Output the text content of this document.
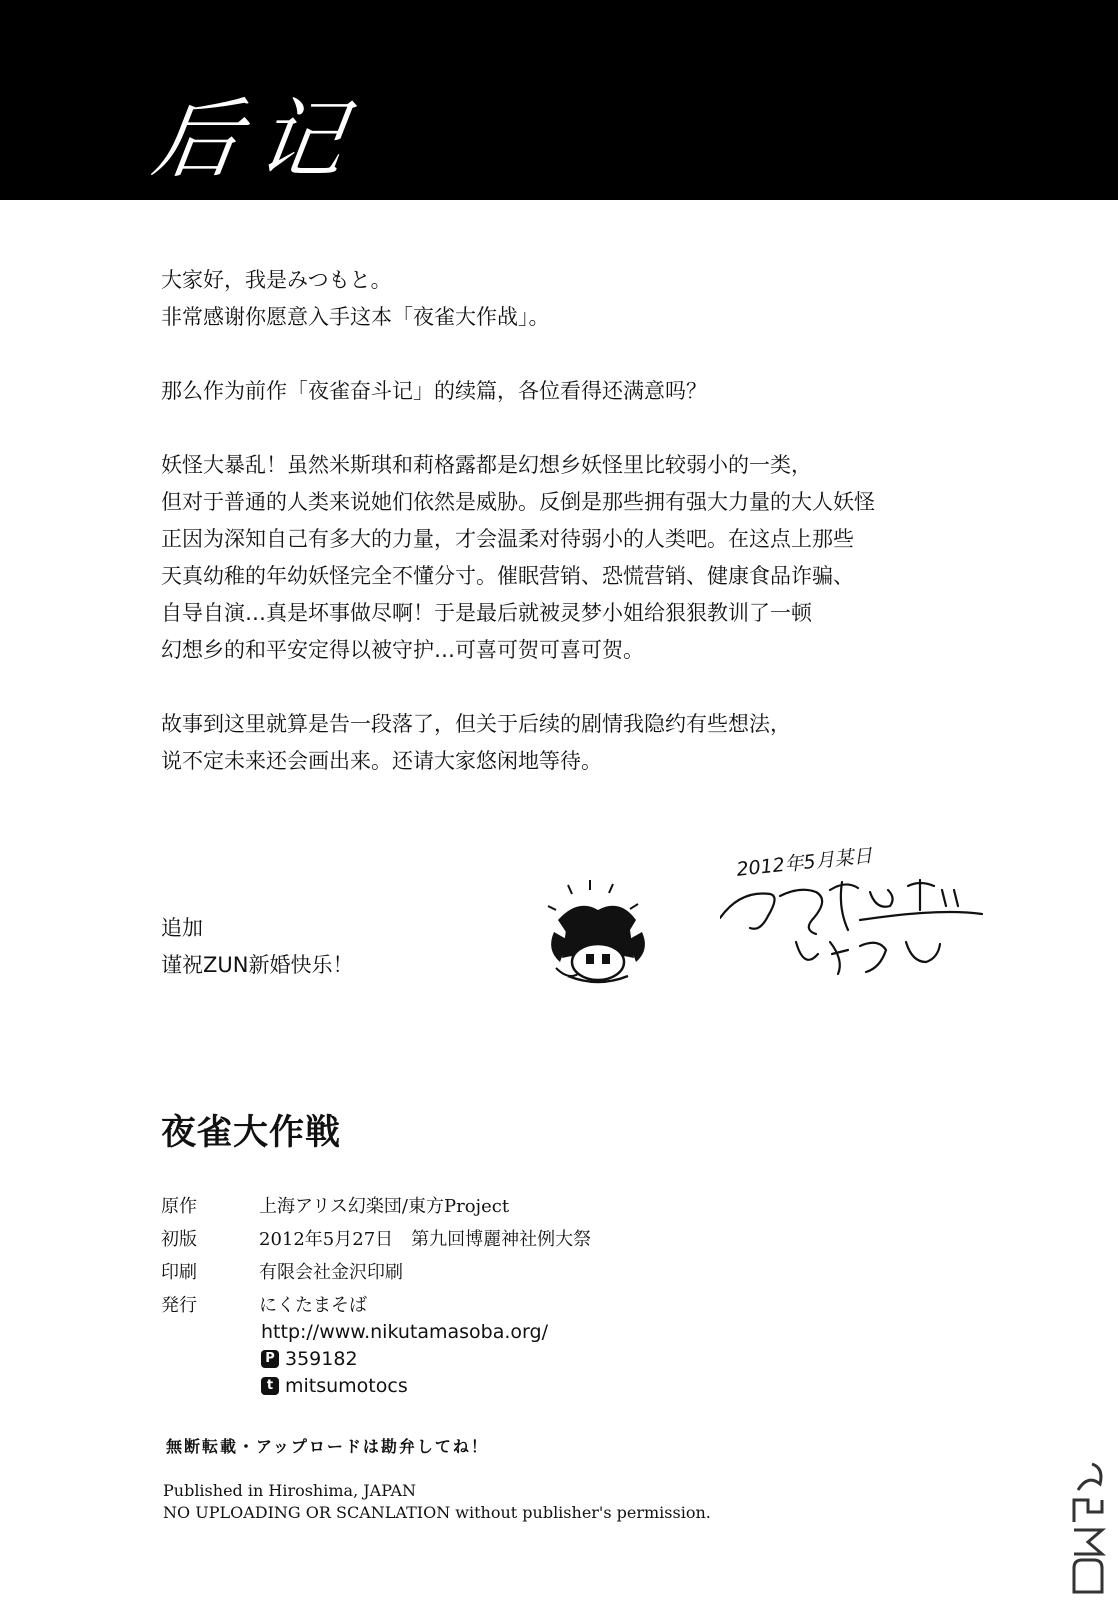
后记

大家好，我是みつもと。
非常感谢你愿意入手这本「夜雀大作战」。

那么作为前作「夜雀奋斗记」的续篇，各位看得还满意吗？

妖怪大暴乱！虽然米斯琪和莉格露都是幻想乡妖怪里比较弱小的一类，
但对于普通的人类来说她们依然是威胁。反倒是那些拥有强大力量的大人妖怪
正因为深知自己有多大的力量，才会温柔对待弱小的人类吧。在这点上那些
天真幼稚的年幼妖怪完全不懂分寸。催眠营销、恐慌营销、健康食品诈骗、
自导自演…真是坏事做尽啊！于是最后就被灵梦小姐给狠狠教训了一顿
幻想乡的和平安定得以被守护…可喜可贺可喜可贺。

故事到这里就算是告一段落了，但关于后续的剧情我隐约有些想法，
说不定未来还会画出来。还请大家悠闲地等待。

追加
谨祝ZUN新婚快乐！
2012年5月某日
夜雀大作戦
原作	上海アリス幻楽団/東方Project
初版	2012年5月27日　第九回博麗神社例大祭
印刷	有限会社金沢印刷
発行	にくたまそば
http://www.nikutamasoba.org/
P 359182
t mitsumotocs
無断転載・アップロードは勘弁してね！
Published in Hiroshima, JAPAN
NO UPLOADING OR SCANLATION without publisher's permission.
